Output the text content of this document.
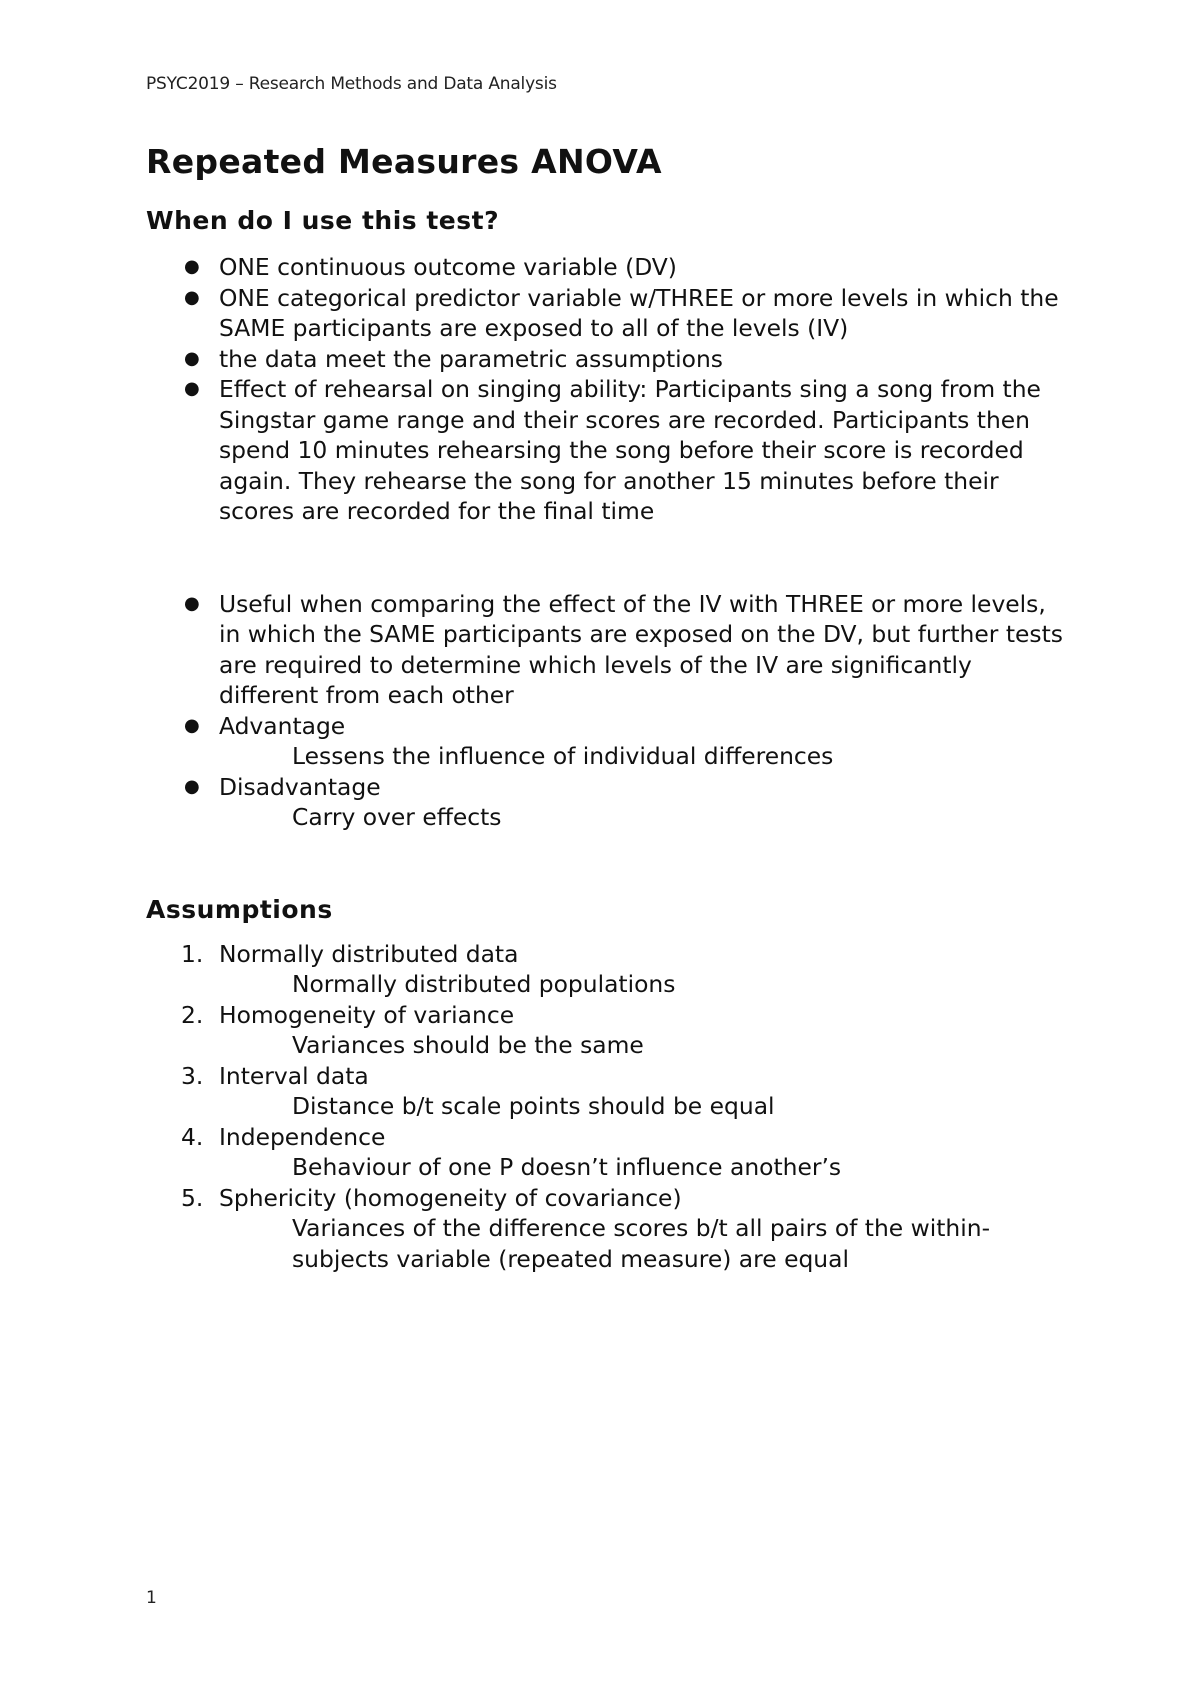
PSYC2019 – Research Methods and Data Analysis
Repeated Measures ANOVA
When do I use this test?
● ONE continuous outcome variable (DV)
● ONE categorical predictor variable w/THREE or more levels in which the SAME participants are exposed to all of the levels (IV)
● the data meet the parametric assumptions
● Effect of rehearsal on singing ability: Participants sing a song from the Singstar game range and their scores are recorded. Participants then spend 10 minutes rehearsing the song before their score is recorded again. They rehearse the song for another 15 minutes before their scores are recorded for the final time
● Useful when comparing the effect of the IV with THREE or more levels, in which the SAME participants are exposed on the DV, but further tests are required to determine which levels of the IV are significantly different from each other
● Advantage
Lessens the influence of individual differences
● Disadvantage
Carry over effects
Assumptions
1. Normally distributed data
Normally distributed populations
2. Homogeneity of variance
Variances should be the same
3. Interval data
Distance b/t scale points should be equal
4. Independence
Behaviour of one P doesn’t influence another’s
5. Sphericity (homogeneity of covariance)
Variances of the difference scores b/t all pairs of the within-subjects variable (repeated measure) are equal
1
